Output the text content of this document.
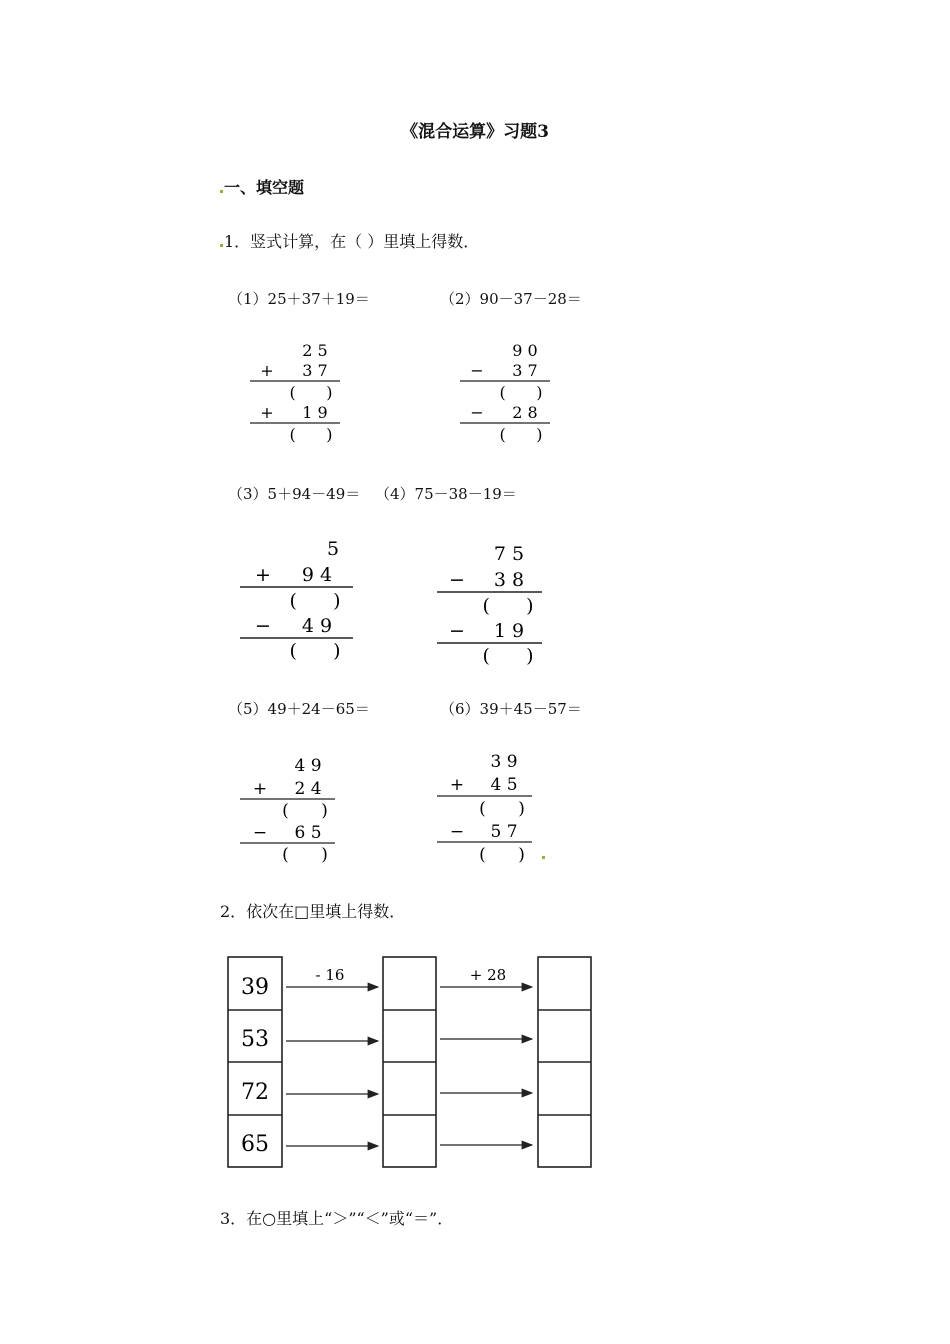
《混合运算》习题3
一、填空题
1．竖式计算，在（ ）里填上得数．
（1）25＋37＋19＝	（2）90－37－28＝
（3）5＋94－49＝ （4）75－38－19＝
（5）49＋24－65＝	（6）39＋45－57＝
2 5
+ 3 7
(      )
+ 1 9
(      )
9 0
− 3 7
(      )
− 2 8
(      )
5
+ 9 4
(      )
− 4 9
(      )
7 5
− 3 8
(      )
− 1 9
(      )
4 9
+ 2 4
(      )
− 6 5
(      )
3 9
+ 4 5
(      )
− 5 7
(      )
2．依次在□里填上得数．
39
53
72
65
- 16	+ 28
3．在○里填上“＞”“＜”或“＝”．
